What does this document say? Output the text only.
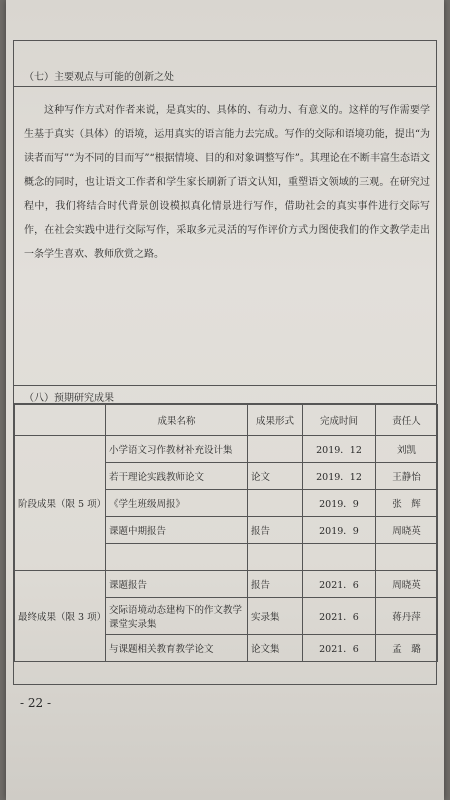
（七）主要观点与可能的创新之处
这种写作方式对作者来说，是真实的、具体的、有动力、有意义的。这样的写作需要学生基于真实（具体）的语境，运用真实的语言能力去完成。写作的交际和语境功能，提出“为读者而写”“为不同的目而写”“根据情境、目的和对象调整写作”。其理论在不断丰富生态语文概念的同时，也让语文工作者和学生家长刷新了语文认知，重塑语文领域的三观。在研究过程中，我们将结合时代背景创设模拟真化情景进行写作，借助社会的真实事件进行交际写作，在社会实践中进行交际写作，采取多元灵活的写作评价方式力图使我们的作文教学走出一条学生喜欢、教师欣赏之路。
（八）预期研究成果
	成果名称	成果形式	完成时间	责任人
阶段成果（限 5 项）	小学语文习作教材补充设计集		2019．12	刘凯
	若干理论实践教师论文	论文	2019．12	王静怡
	《学生班级周报》		2019．9	张　辉
	课题中期报告	报告	2019．9	周晓英

最终成果（限 3 项）	课题报告	报告	2021．6	周晓英
	交际语境动态建构下的作文教学课堂实录集	实录集	2021．6	蒋丹萍
	与课题相关教育教学论文	论文集	2021．6	孟　璐
- 22 -
